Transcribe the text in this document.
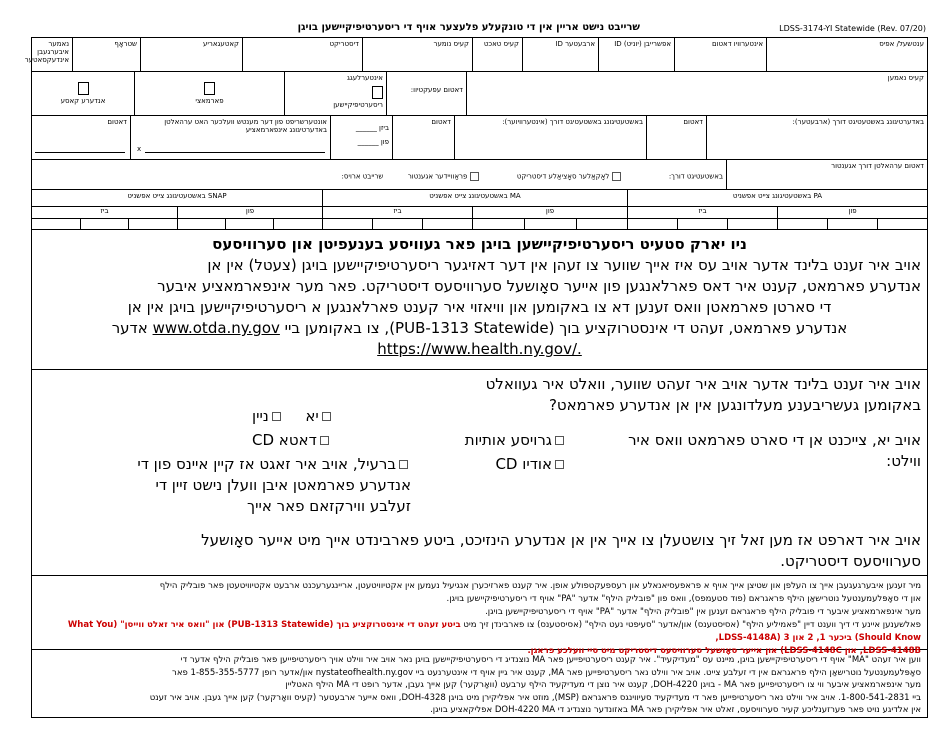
LDSS-3174-YI Statewide (Rev. 07/20)
שרייבט נישט אריין אין די טונקעלע פלעצער אויף די ריסערטיפיקיישען בויגן
נאמער איבערגעבן אינדעקסאטער
שטראָף	קאטעגאריע	דיסטריקט	קעיס נומער	קעיס טאכט	ארבעטער ID	אפשרייבן (יוניט) ID	אינטערוויו דאטום	ענטשעל/ אפיס
אנדערע קאסע	פארמאצי
אינטערלעגג
ריסערטיפיקיישען
דאטום עפעקטיוו:
קעיס נאמען
דאטום	אונטערשריפט פון דער מענטש וועלכער האט ערהאלטן באדערטיגונג אינפארמאציע
x
ביזן ______
פון ______
דאטום	באשטעטיגונג באשטעטיגט דורך (אינטערוויוער):	דאטום	באדערטיגונג באשטעטיגט דורך (ארבעטער):
באשטעטיגט דורך:  לאָקאַלער סאָציאַלע דיסטריקט  פראַוויידער אגענטור  שרייבט ארויס:
דאטום ערהאלטן דורך אגענטור
SNAP באשטעטיגונג צייט אפשניט	MA באשטעטיגונג צייט אפשניט	PA באשטעטיגונג צייט אפשניט
ביז	פון	ביז	פון	ביז	פון
ניו יארק סטעיט ריסערטיפיקיישען בויגן פאר געוויסע בענעפיטן און סערוויסעס
אויב איר זענט בלינד אדער אויב עס איז אייך שווער צו זעהן אין דער דאזיגער ריסערטיפיקיישען בויגן (צעטל) אין אן
אנדערע פארמאט, קענט איר דאס פארלאנגען פון אייער סאָושעל סערוויסעס דיסטריקט. פאר מער אינפארמאציע איבער
די סארטן פארמאטן וואס זענען דא צו באקומען און וויאזוי איר קענט פארלאנגען א ריסערטיפיקיישען בויגן אין אן
אנדערע פארמאט, זעהט די אינסטרוקציע בוך (PUB-1313 Statewide), צו באקומען ביי www.otda.ny.gov אדער
https://www.health.ny.gov/.
אויב איר זענט בלינד אדער אויב איר זעהט שווער, וואלט איר געוואלט
באקומען געשריבענע מעלדונגען אין אן אנדערע פארמאט?
יא  ניין
אויב יא, צייכנט אן די סארט פארמאט וואס איר
ווילט:
גרויסע אותיות
אודיו CD
דאטא CD
ברעיל, אויב איר זאגט אז קיין איינס פון די
אנדערע פארמאטן איבן וועלן נישט זיין די
זעלבע ווירקזאם פאר אייך
אויב איר דארפט אז מען זאל זיך צושטעלן צו אייך אין אן אנדערע הינזיכט, ביטע פארבינדט אייך מיט אייער סאָושעל
סערוויסעס דיסטריקט.
מיר זענען איבערגעגעבן אייך צו העלפן און שטיצן אייך אויף א פראפעסיאנאלע און רעספעקטפולע אופן. איר קענט פארזיכערן אנגיעיל נעמען אין אקטיוויטעטן, אריינגערעכנט ארבעט אקטיוויטעטן פאר פובליק הילף
און די סאָפּלעמענטעל נוטרישאַן הילף פראגראם (פוד סטעמפס), וואס פון "פובליק הילף" אדער "PA" אויף די ריסערטיפיקיישען בויגן.
מער אינפארמאציע איבער די פובליק הילף פראגראם זענען אין "פובליק הילף" אדער "PA" אויף די ריסערטיפיקיישען בויגן.
פאלשענען איינע די דיך ווענט דיין "פאמיליע הילף" (אסיסטענס) און/אדער "סעיפטי נעט הילף" (אסיסטענס) צו פארבינדן זיך מיט ביטע זעהט די אינסטרוקציע בוך (PUB-1313 Statewide) און "וואס איר זאלט ווייסן" (What You Should Know) ביכער 1, 2 און 3 (LDSS-4148A,
LDSS-4148B, און LDSS-4148C) און אייער סאָושעל סערוויסעס דיסטריקט מיט סיי וועלכע פראגן.
ווען איר זעהט "MA" אויף די ריסערטיפיקיישען בויגן, מיינט עס "מעדיקעיד". איר קענט ריסערטיפייען פאר MA נוצנדיג די ריסערטיפיקיישען בויגן נאר אויב איר ווילט אויך ריסערטיפייען פאר פובליק הילף אדער די
סאָפּלעמענטעל נוטרישאַן הילף פראגראם אין די זעלבע צייט. אויב איר ווילט נאר ריסערטיפייען פאר MA, קענט איר גיין אויף די אינטערנעט ביי nystateofhealth.ny.gov און/אדער רופן 1-855-355-5777 פאר
מער אינפארמאציע איבער ווי צו ריסערטיפייען פאר MA - בויגן DOH-4220, קענט איר נוצן די מעדיקעיד הילף ערבעט (וואָרקער) קען אייך געבן, אדער רופט די MA הילף האטליין
ביי 1-800-541-2831. אויב איר ווילט נאר ריסערטיפייען פאר די מעדיקעיד סעיווינגס פראגראם (MSP), מוזט איר אפליקירן מיט בויגן DOH-4328, וואס אייער ארבעטער (קעיס וואָרקער) קען אייך געבן. אויב איר זענט
אין אלדיגע נויט פאר פערזענליכע קעיר סערוויסעס, זאלט איר אפליקירן פאר MA באזונדער נוצנדיג די DOH-4220 MA אפליקאציע בויגן.
